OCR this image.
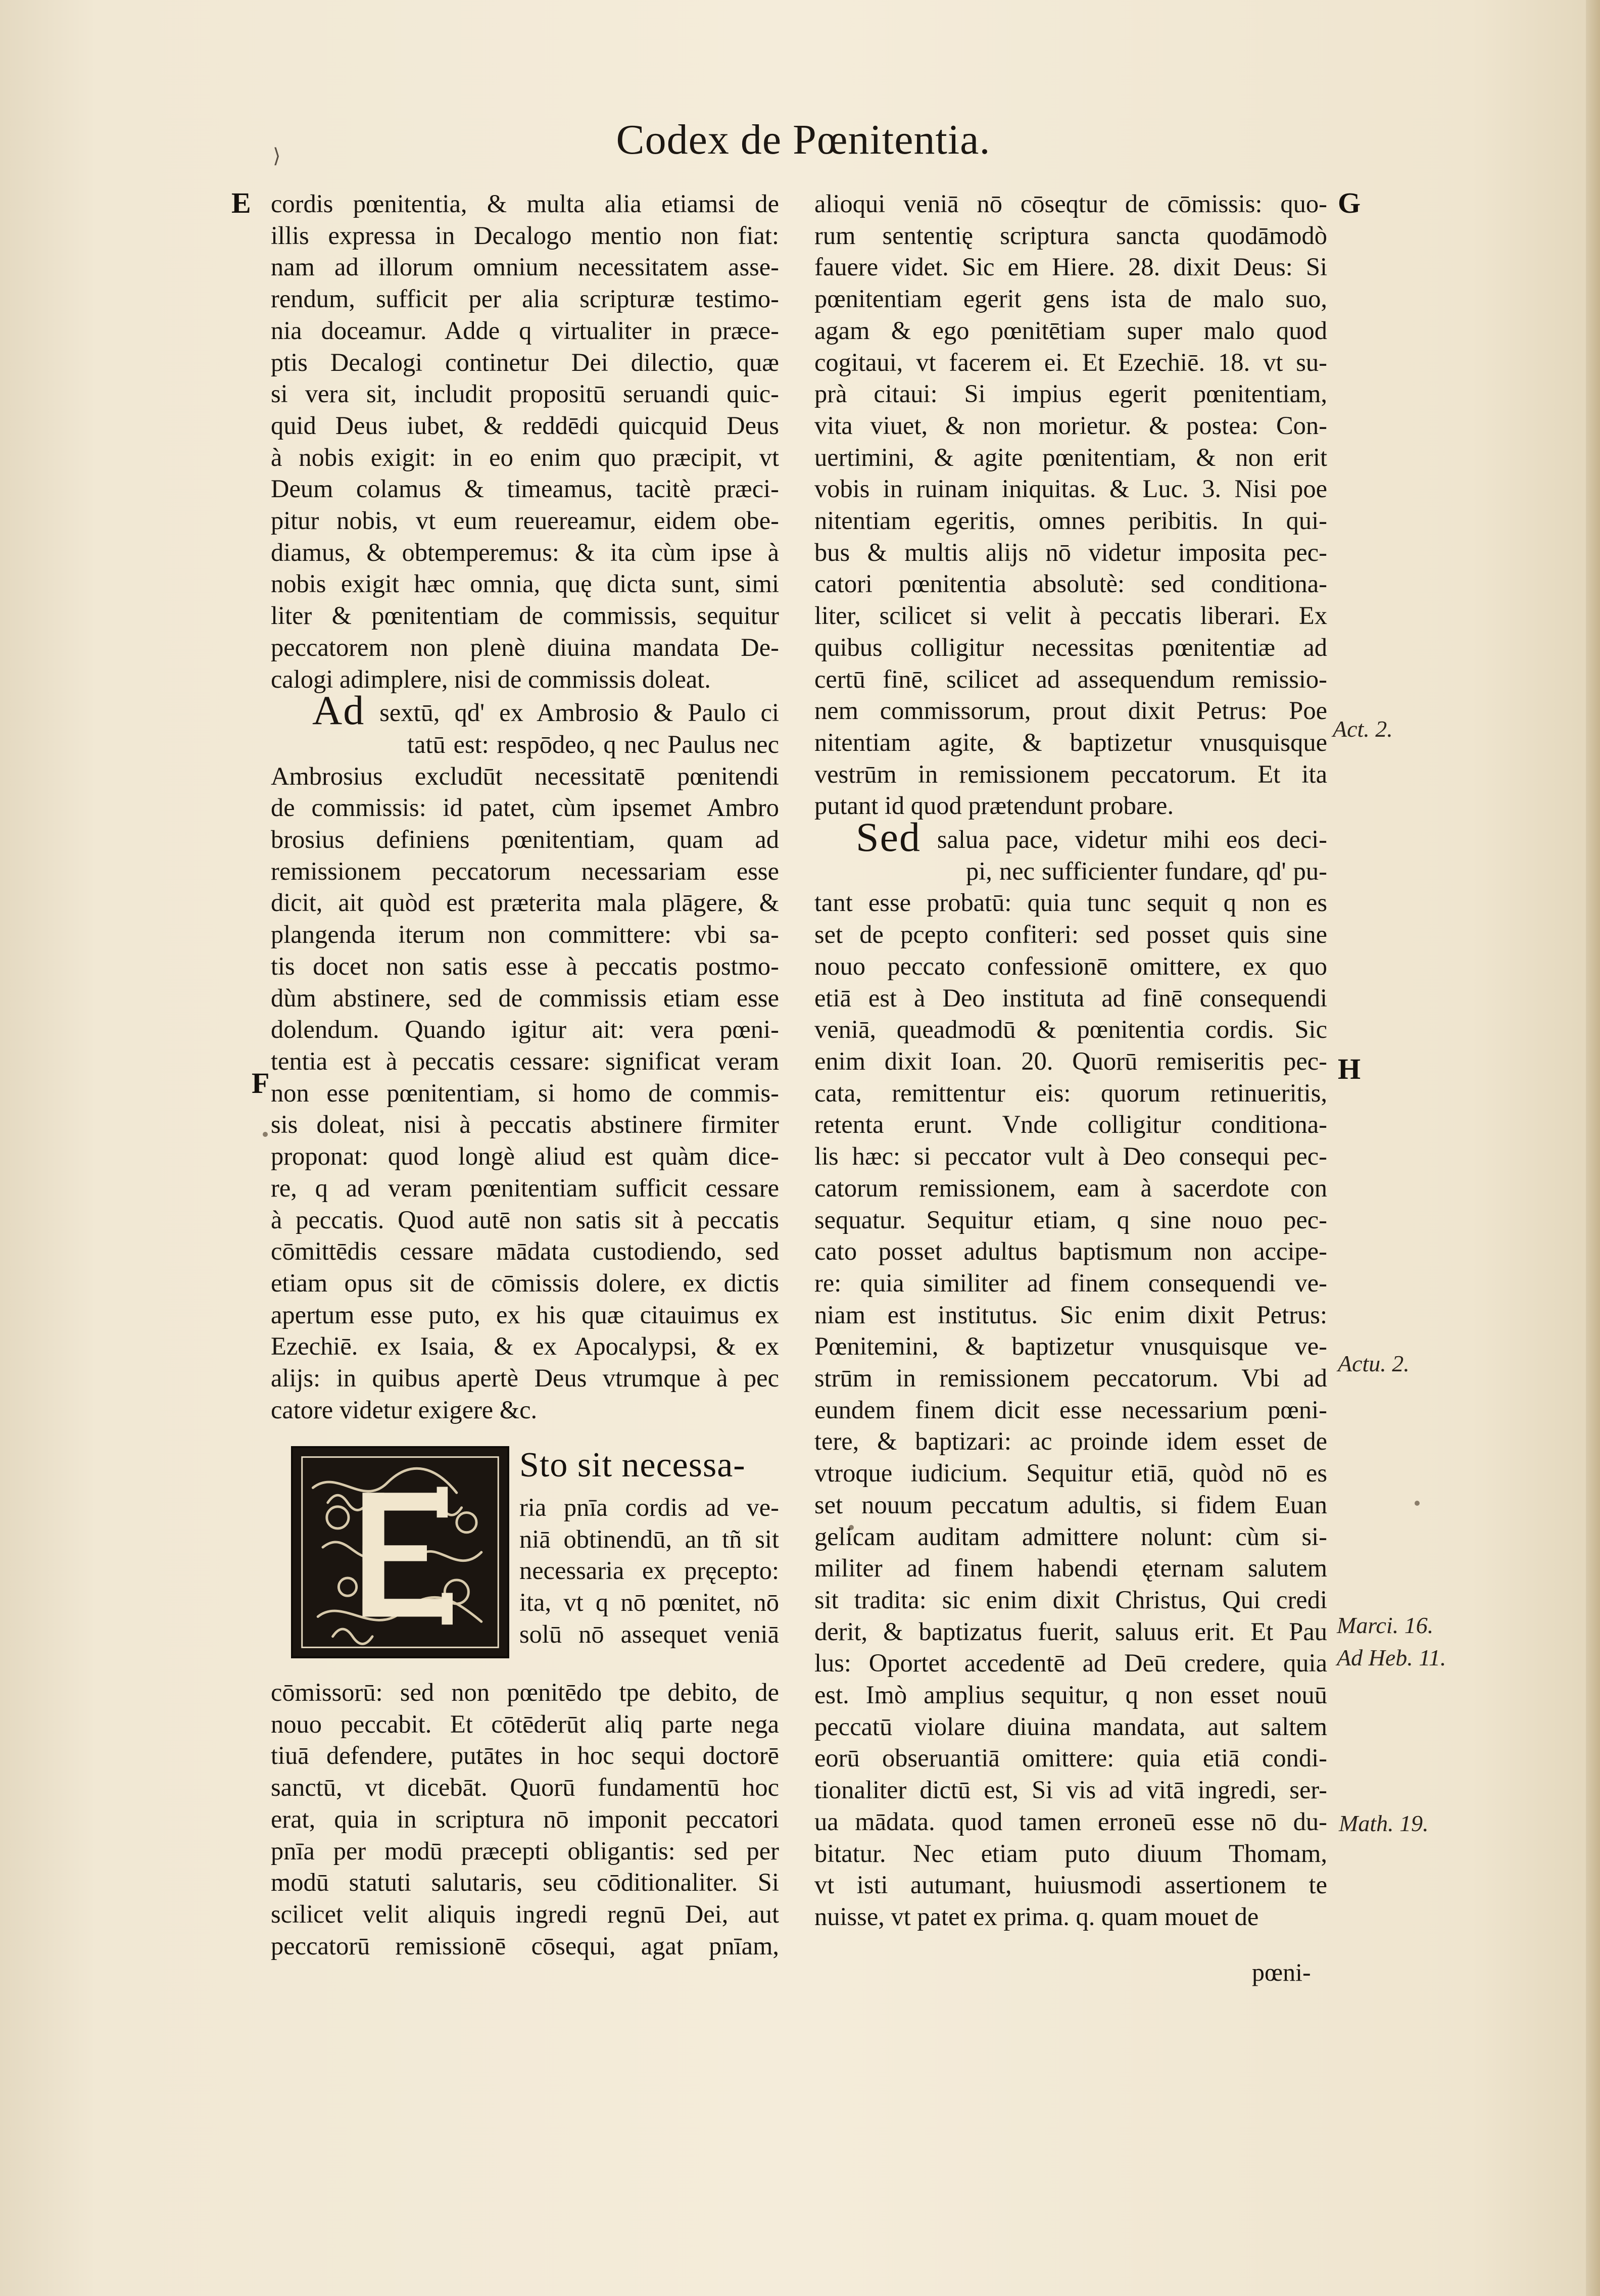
⟩	Codex de Pœnitentia.
E
F
G
H
Act. 2.
Actu. 2.
Marci. 16.
Ad Heb. 11.
Math. 19.
cordis pœnitentia, & multa alia etiamsi de
illis expressa in Decalogo mentio non fiat:
nam ad illorum omnium necessitatem asse-
rendum, sufficit per alia scripturæ testimo-
nia doceamur. Adde q virtualiter in præce-
ptis Decalogi continetur Dei dilectio, quæ
si vera sit, includit propositū seruandi quic-
quid Deus iubet, & reddēdi quicquid Deus
à nobis exigit: in eo enim quo præcipit, vt
Deum colamus & timeamus, tacitè præci-
pitur nobis, vt eum reuereamur, eidem obe-
diamus, & obtemperemus: & ita cùm ipse à
nobis exigit hæc omnia, quę dicta sunt, simi
liter & pœnitentiam de commissis, sequitur
peccatorem non plenè diuina mandata De-
calogi adimplere, nisi de commissis doleat.
Ad sextū, qd' ex Ambrosio & Paulo ci
tatū est: respōdeo, q nec Paulus nec
Ambrosius excludūt necessitatē pœnitendi
de commissis: id patet, cùm ipsemet Ambro
brosius definiens pœnitentiam, quam ad
remissionem peccatorum necessariam esse
dicit, ait quòd est præterita mala plāgere, &
plangenda iterum non committere: vbi sa-
tis docet non satis esse à peccatis postmo-
dùm abstinere, sed de commissis etiam esse
dolendum. Quando igitur ait: vera pœni-
tentia est à peccatis cessare: significat veram
non esse pœnitentiam, si homo de commis-
sis doleat, nisi à peccatis abstinere firmiter
proponat: quod longè aliud est quàm dice-
re, q ad veram pœnitentiam sufficit cessare
à peccatis. Quod autē non satis sit à peccatis
cōmittēdis cessare mādata custodiendo, sed
etiam opus sit de cōmissis dolere, ex dictis
apertum esse puto, ex his quæ citauimus ex
Ezechiē. ex Isaia, & ex Apocalypsi, & ex
alijs: in quibus apertè Deus vtrumque à pec
catore videtur exigere &c.
Sto sit necessa-
ria pnīa cordis ad ve-
niā obtinendū, an tñ sit
necessaria ex pręcepto:
ita, vt q nō pœnitet, nō
solū nō assequet veniā
cōmissorū: sed non pœnitēdo tpe debito, de
nouo peccabit. Et cōtēderūt aliq parte nega
tiuā defendere, putātes in hoc sequi doctorē
sanctū, vt dicebāt. Quorū fundamentū hoc
erat, quia in scriptura nō imponit peccatori
pnīa per modū præcepti obligantis: sed per
modū statuti salutaris, seu cōditionaliter. Si
scilicet velit aliquis ingredi regnū Dei, aut
peccatorū remissionē cōsequi, agat pnīam,
alioqui veniā nō cōseqtur de cōmissis: quo-
rum sententię scriptura sancta quodāmodò
fauere videt. Sic em Hiere. 28. dixit Deus: Si
pœnitentiam egerit gens ista de malo suo,
agam & ego pœnitētiam super malo quod
cogitaui, vt facerem ei. Et Ezechiē. 18. vt su-
prà citaui: Si impius egerit pœnitentiam,
vita viuet, & non morietur. & postea: Con-
uertimini, & agite pœnitentiam, & non erit
vobis in ruinam iniquitas. & Luc. 3. Nisi poe
nitentiam egeritis, omnes peribitis. In qui-
bus & multis alijs nō videtur imposita pec-
catori pœnitentia absolutè: sed conditiona-
liter, scilicet si velit à peccatis liberari. Ex
quibus colligitur necessitas pœnitentiæ ad
certū finē, scilicet ad assequendum remissio-
nem commissorum, prout dixit Petrus: Poe
nitentiam agite, & baptizetur vnusquisque
vestrūm in remissionem peccatorum. Et ita
putant id quod prætendunt probare.
Sed salua pace, videtur mihi eos deci-
pi, nec sufficienter fundare, qd' pu-
tant esse probatū: quia tunc sequit q non es
set de pcepto confiteri: sed posset quis sine
nouo peccato confessionē omittere, ex quo
etiā est à Deo instituta ad finē consequendi
veniā, queadmodū & pœnitentia cordis. Sic
enim dixit Ioan. 20. Quorū remiseritis pec-
cata, remittentur eis: quorum retinueritis,
retenta erunt. Vnde colligitur conditiona-
lis hæc: si peccator vult à Deo consequi pec-
catorum remissionem, eam à sacerdote con
sequatur. Sequitur etiam, q sine nouo pec-
cato posset adultus baptismum non accipe-
re: quia similiter ad finem consequendi ve-
niam est institutus. Sic enim dixit Petrus:
Pœnitemini, & baptizetur vnusquisque ve-
strūm in remissionem peccatorum. Vbi ad
eundem finem dicit esse necessarium pœni-
tere, & baptizari: ac proinde idem esset de
vtroque iudicium. Sequitur etiā, quòd nō es
set nouum peccatum adultis, si fidem Euan
gelicam auditam admittere nolunt: cùm si-
militer ad finem habendi ęternam salutem
sit tradita: sic enim dixit Christus, Qui credi
derit, & baptizatus fuerit, saluus erit. Et Pau
lus: Oportet accedentē ad Deū credere, quia
est. Imò amplius sequitur, q non esset nouū
peccatū violare diuina mandata, aut saltem
eorū obseruantiā omittere: quia etiā condi-
tionaliter dictū est, Si vis ad vitā ingredi, ser-
ua mādata. quod tamen erroneū esse nō du-
bitatur. Nec etiam puto diuum Thomam,
vt isti autumant, huiusmodi assertionem te
nuisse, vt patet ex prima. q. quam mouet de
pœni-
